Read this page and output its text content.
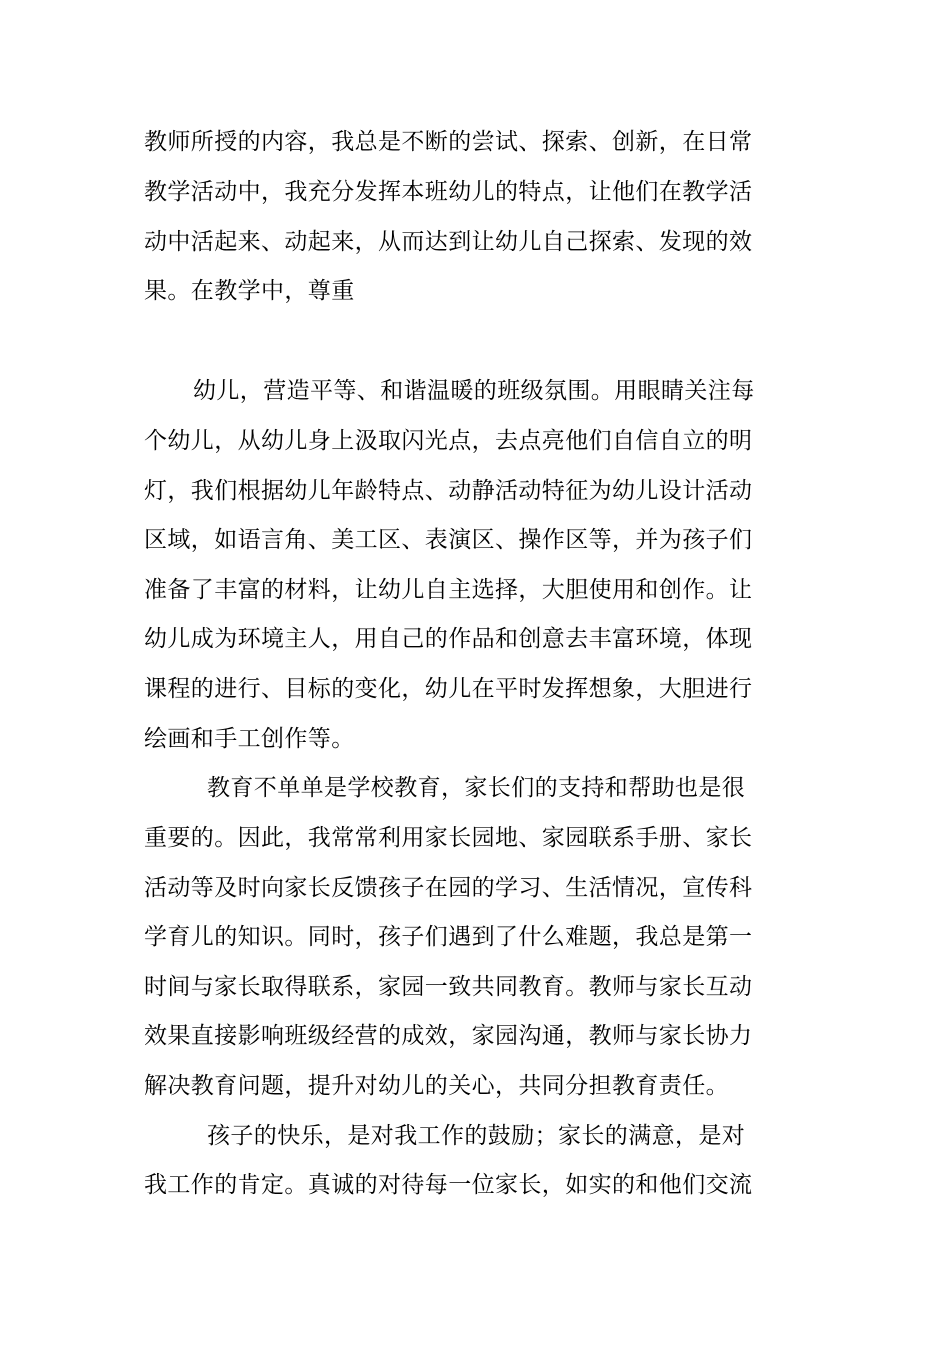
教师所授的内容，我总是不断的尝试、探索、创新，在日常
教学活动中，我充分发挥本班幼儿的特点，让他们在教学活
动中活起来、动起来，从而达到让幼儿自己探索、发现的效
果。在教学中，尊重
幼儿，营造平等、和谐温暖的班级氛围。用眼睛关注每
个幼儿，从幼儿身上汲取闪光点，去点亮他们自信自立的明
灯，我们根据幼儿年龄特点、动静活动特征为幼儿设计活动
区域，如语言角、美工区、表演区、操作区等，并为孩子们
准备了丰富的材料，让幼儿自主选择，大胆使用和创作。让
幼儿成为环境主人，用自己的作品和创意去丰富环境，体现
课程的进行、目标的变化，幼儿在平时发挥想象，大胆进行
绘画和手工创作等。
教育不单单是学校教育，家长们的支持和帮助也是很
重要的。因此，我常常利用家长园地、家园联系手册、家长
活动等及时向家长反馈孩子在园的学习、生活情况，宣传科
学育儿的知识。同时，孩子们遇到了什么难题，我总是第一
时间与家长取得联系，家园一致共同教育。教师与家长互动
效果直接影响班级经营的成效，家园沟通，教师与家长协力
解决教育问题，提升对幼儿的关心，共同分担教育责任。
孩子的快乐，是对我工作的鼓励；家长的满意，是对
我工作的肯定。真诚的对待每一位家长，如实的和他们交流
